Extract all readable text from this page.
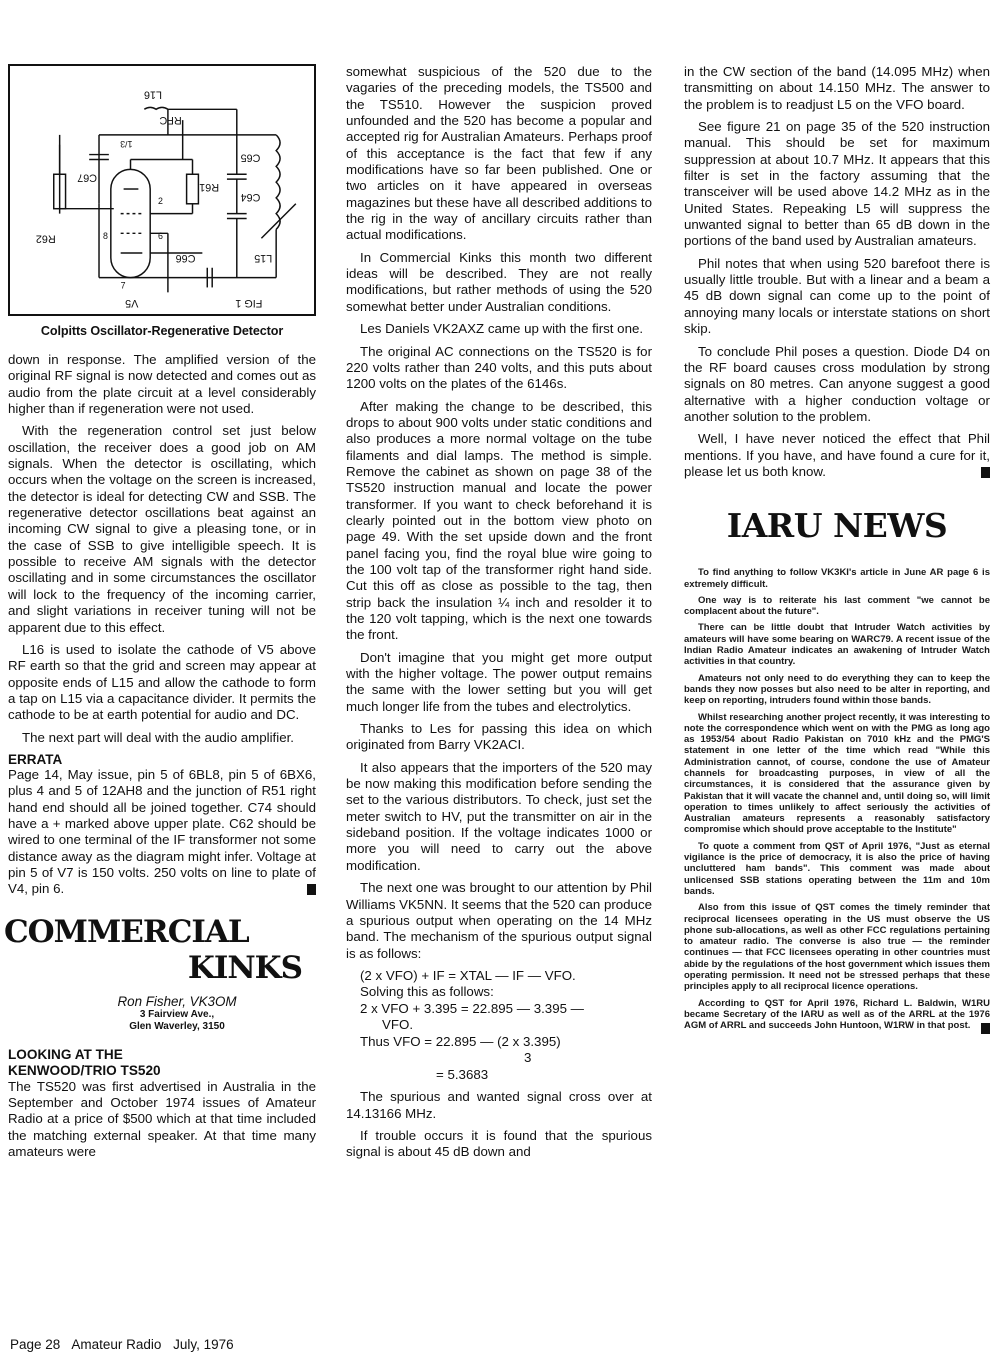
R62
C67
L16
RFC
C65
C64
R61
C66	L15
V5	FIG 1
1/3
2
6
8
7
Colpitts Oscillator-Regenerative Detector

down in response. The amplified version of the original RF signal is now detected and comes out as audio from the plate circuit at a level considerably higher than if regeneration were not used.

With the regeneration control set just below oscillation, the receiver does a good job on AM signals. When the detector is oscillating, which occurs when the voltage on the screen is increased, the detector is ideal for detecting CW and SSB. The regenerative detector oscillations beat against an incoming CW signal to give a pleasing tone, or in the case of SSB to give intelligible speech. It is possible to receive AM signals with the detector oscillating and in some circumstances the oscillator will lock to the frequency of the incoming carrier, and slight variations in receiver tuning will not be apparent due to this effect.

L16 is used to isolate the cathode of V5 above RF earth so that the grid and screen may appear at opposite ends of L15 and allow the cathode to form a tap on L15 via a capacitance divider. It permits the cathode to be at earth potential for audio and DC.

The next part will deal with the audio amplifier.

ERRATA

Page 14, May issue, pin 5 of 6BL8, pin 5 of 6BX6, plus 4 and 5 of 12AH8 and the junction of R51 right hand end should all be joined together. C74 should have a + marked above upper plate. C62 should be wired to one terminal of the IF transformer not some distance away as the diagram might infer. Voltage at pin 5 of V7 is 150 volts. 250 volts on line to plate of V4, pin 6.

COMMERCIAL
KINKS
Ron Fisher, VK3OM
3 Fairview Ave.,
Glen Waverley, 3150
LOOKING AT THE
KENWOOD/TRIO TS520

The TS520 was first advertised in Australia in the September and October 1974 issues of Amateur Radio at a price of $500 which at that time included the matching external speaker. At that time many amateurs were

somewhat suspicious of the 520 due to the vagaries of the preceding models, the TS500 and the TS510. However the suspicion proved unfounded and the 520 has become a popular and accepted rig for Australian Amateurs. Perhaps proof of this acceptance is the fact that few if any modifications have so far been published. One or two articles on it have appeared in overseas magazines but these have all described additions to the rig in the way of ancillary circuits rather than actual modifications.

In Commercial Kinks this month two different ideas will be described. They are not really modifications, but rather methods of using the 520 somewhat better under Australian conditions.

Les Daniels VK2AXZ came up with the first one.

The original AC connections on the TS520 is for 220 volts rather than 240 volts, and this puts about 1200 volts on the plates of the 6146s.

After making the change to be described, this drops to about 900 volts under static conditions and also produces a more normal voltage on the tube filaments and dial lamps. The method is simple. Remove the cabinet as shown on page 38 of the TS520 instruction manual and locate the power transformer. If you want to check beforehand it is clearly pointed out in the bottom view photo on page 49. With the set upside down and the front panel facing you, find the royal blue wire going to the 100 volt tap of the transformer right hand side. Cut this off as close as possible to the tag, then strip back the insulation ¼ inch and resolder it to the 120 volt tapping, which is the next one towards the front.

Don't imagine that you might get more output with the higher voltage. The power output remains the same with the lower setting but you will get much longer life from the tubes and electrolytics.

Thanks to Les for passing this idea on which originated from Barry VK2ACI.

It also appears that the importers of the 520 may be now making this modification before sending the set to the various distributors. To check, just set the meter switch to HV, put the transmitter on air in the sideband position. If the voltage indicates 1000 or more you will need to carry out the above modification.

The next one was brought to our attention by Phil Williams VK5NN. It seems that the 520 can produce a spurious output when operating on the 14 MHz band. The mechanism of the spurious output signal is as follows:

(2 x VFO) + IF = XTAL — IF — VFO.
Solving this as follows:
2 x VFO + 3.395 = 22.895 — 3.395 —
VFO.
Thus VFO = 22.895 — (2 x 3.395)
3
= 5.3683

The spurious and wanted signal cross over at 14.13166 MHz.

If trouble occurs it is found that the spurious signal is about 45 dB down and

in the CW section of the band (14.095 MHz) when transmitting on about 14.150 MHz. The answer to the problem is to readjust L5 on the VFO board.

See figure 21 on page 35 of the 520 instruction manual. This should be set for maximum suppression at about 10.7 MHz. It appears that this filter is set in the factory assuming that the transceiver will be used above 14.2 MHz as in the United States. Repeaking L5 will suppress the unwanted signal to better than 65 dB down in the portions of the band used by Australian amateurs.

Phil notes that when using 520 barefoot there is usually little trouble. But with a linear and a beam a 45 dB down signal can come up to the point of annoying many locals or interstate stations on short skip.

To conclude Phil poses a question. Diode D4 on the RF board causes cross modulation by strong signals on 80 metres. Can anyone suggest a good alternative with a higher conduction voltage or another solution to the problem.

Well, I have never noticed the effect that Phil mentions. If you have, and have found a cure for it, please let us both know.

IARU NEWS

To find anything to follow VK3KI's article in June AR page 6 is extremely difficult.

One way is to reiterate his last comment "we cannot be complacent about the future".

There can be little doubt that Intruder Watch activities by amateurs will have some bearing on WARC79. A recent issue of the Indian Radio Amateur indicates an awakening of Intruder Watch activities in that country.

Amateurs not only need to do everything they can to keep the bands they now posses but also need to be alter in reporting, and keep on reporting, intruders found within those bands.

Whilst researching another project recently, it was interesting to note the correspondence which went on with the PMG as long ago as 1953/54 about Radio Pakistan on 7010 kHz and the PMG'S statement in one letter of the time which read "While this Administration cannot, of course, condone the use of Amateur channels for broadcasting purposes, in view of all the circumstances, it is considered that the assurance given by Pakistan that it will vacate the channel and, until doing so, will limit operation to times unlikely to affect seriously the activities of Australian amateurs represents a reasonably satisfactory compromise which should prove acceptable to the Institute"

To quote a comment from QST of April 1976, "Just as eternal vigilance is the price of democracy, it is also the price of having uncluttered ham bands". This comment was made about unlicensed SSB stations operating between the 11m and 10m bands.

Also from this issue of QST comes the timely reminder that reciprocal licensees operating in the US must observe the US phone sub-allocations, as well as other FCC regulations pertaining to amateur radio. The converse is also true — the reminder continues — that FCC licensees operating in other countries must abide by the regulations of the host government which issues them operating permission. It need not be stressed perhaps that these principles apply to all reciprocal licence operations.

According to QST for April 1976, Richard L. Baldwin, W1RU became Secretary of the IARU as well as of the ARRL at the 1976 AGM of ARRL and succeeds John Huntoon, W1RW in that post.

Page 28 Amateur Radio July, 1976
